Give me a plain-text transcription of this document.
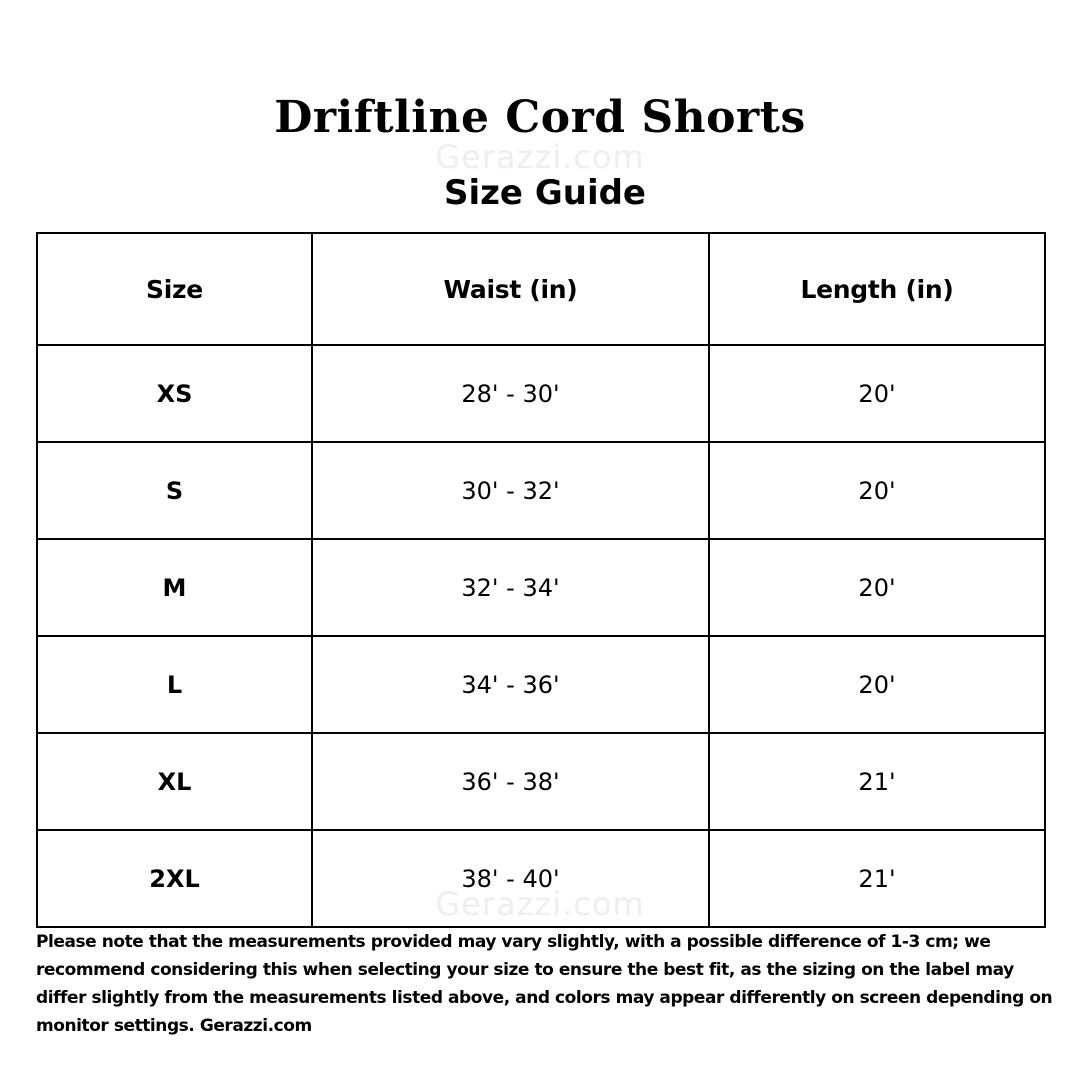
Driftline Cord Shorts
Gerazzi.com
Size Guide
Size	Waist (in)	Length (in)
XS	28' - 30'	20'
S	30' - 32'	20'
M	32' - 34'	20'
L	34' - 36'	20'
XL	36' - 38'	21'
2XL	38' - 40'	21'
Gerazzi.com
Please note that the measurements provided may vary slightly, with a possible difference of 1-3 cm; we recommend considering this when selecting your size to ensure the best fit, as the sizing on the label may differ slightly from the measurements listed above, and colors may appear differently on screen depending on monitor settings. Gerazzi.com
